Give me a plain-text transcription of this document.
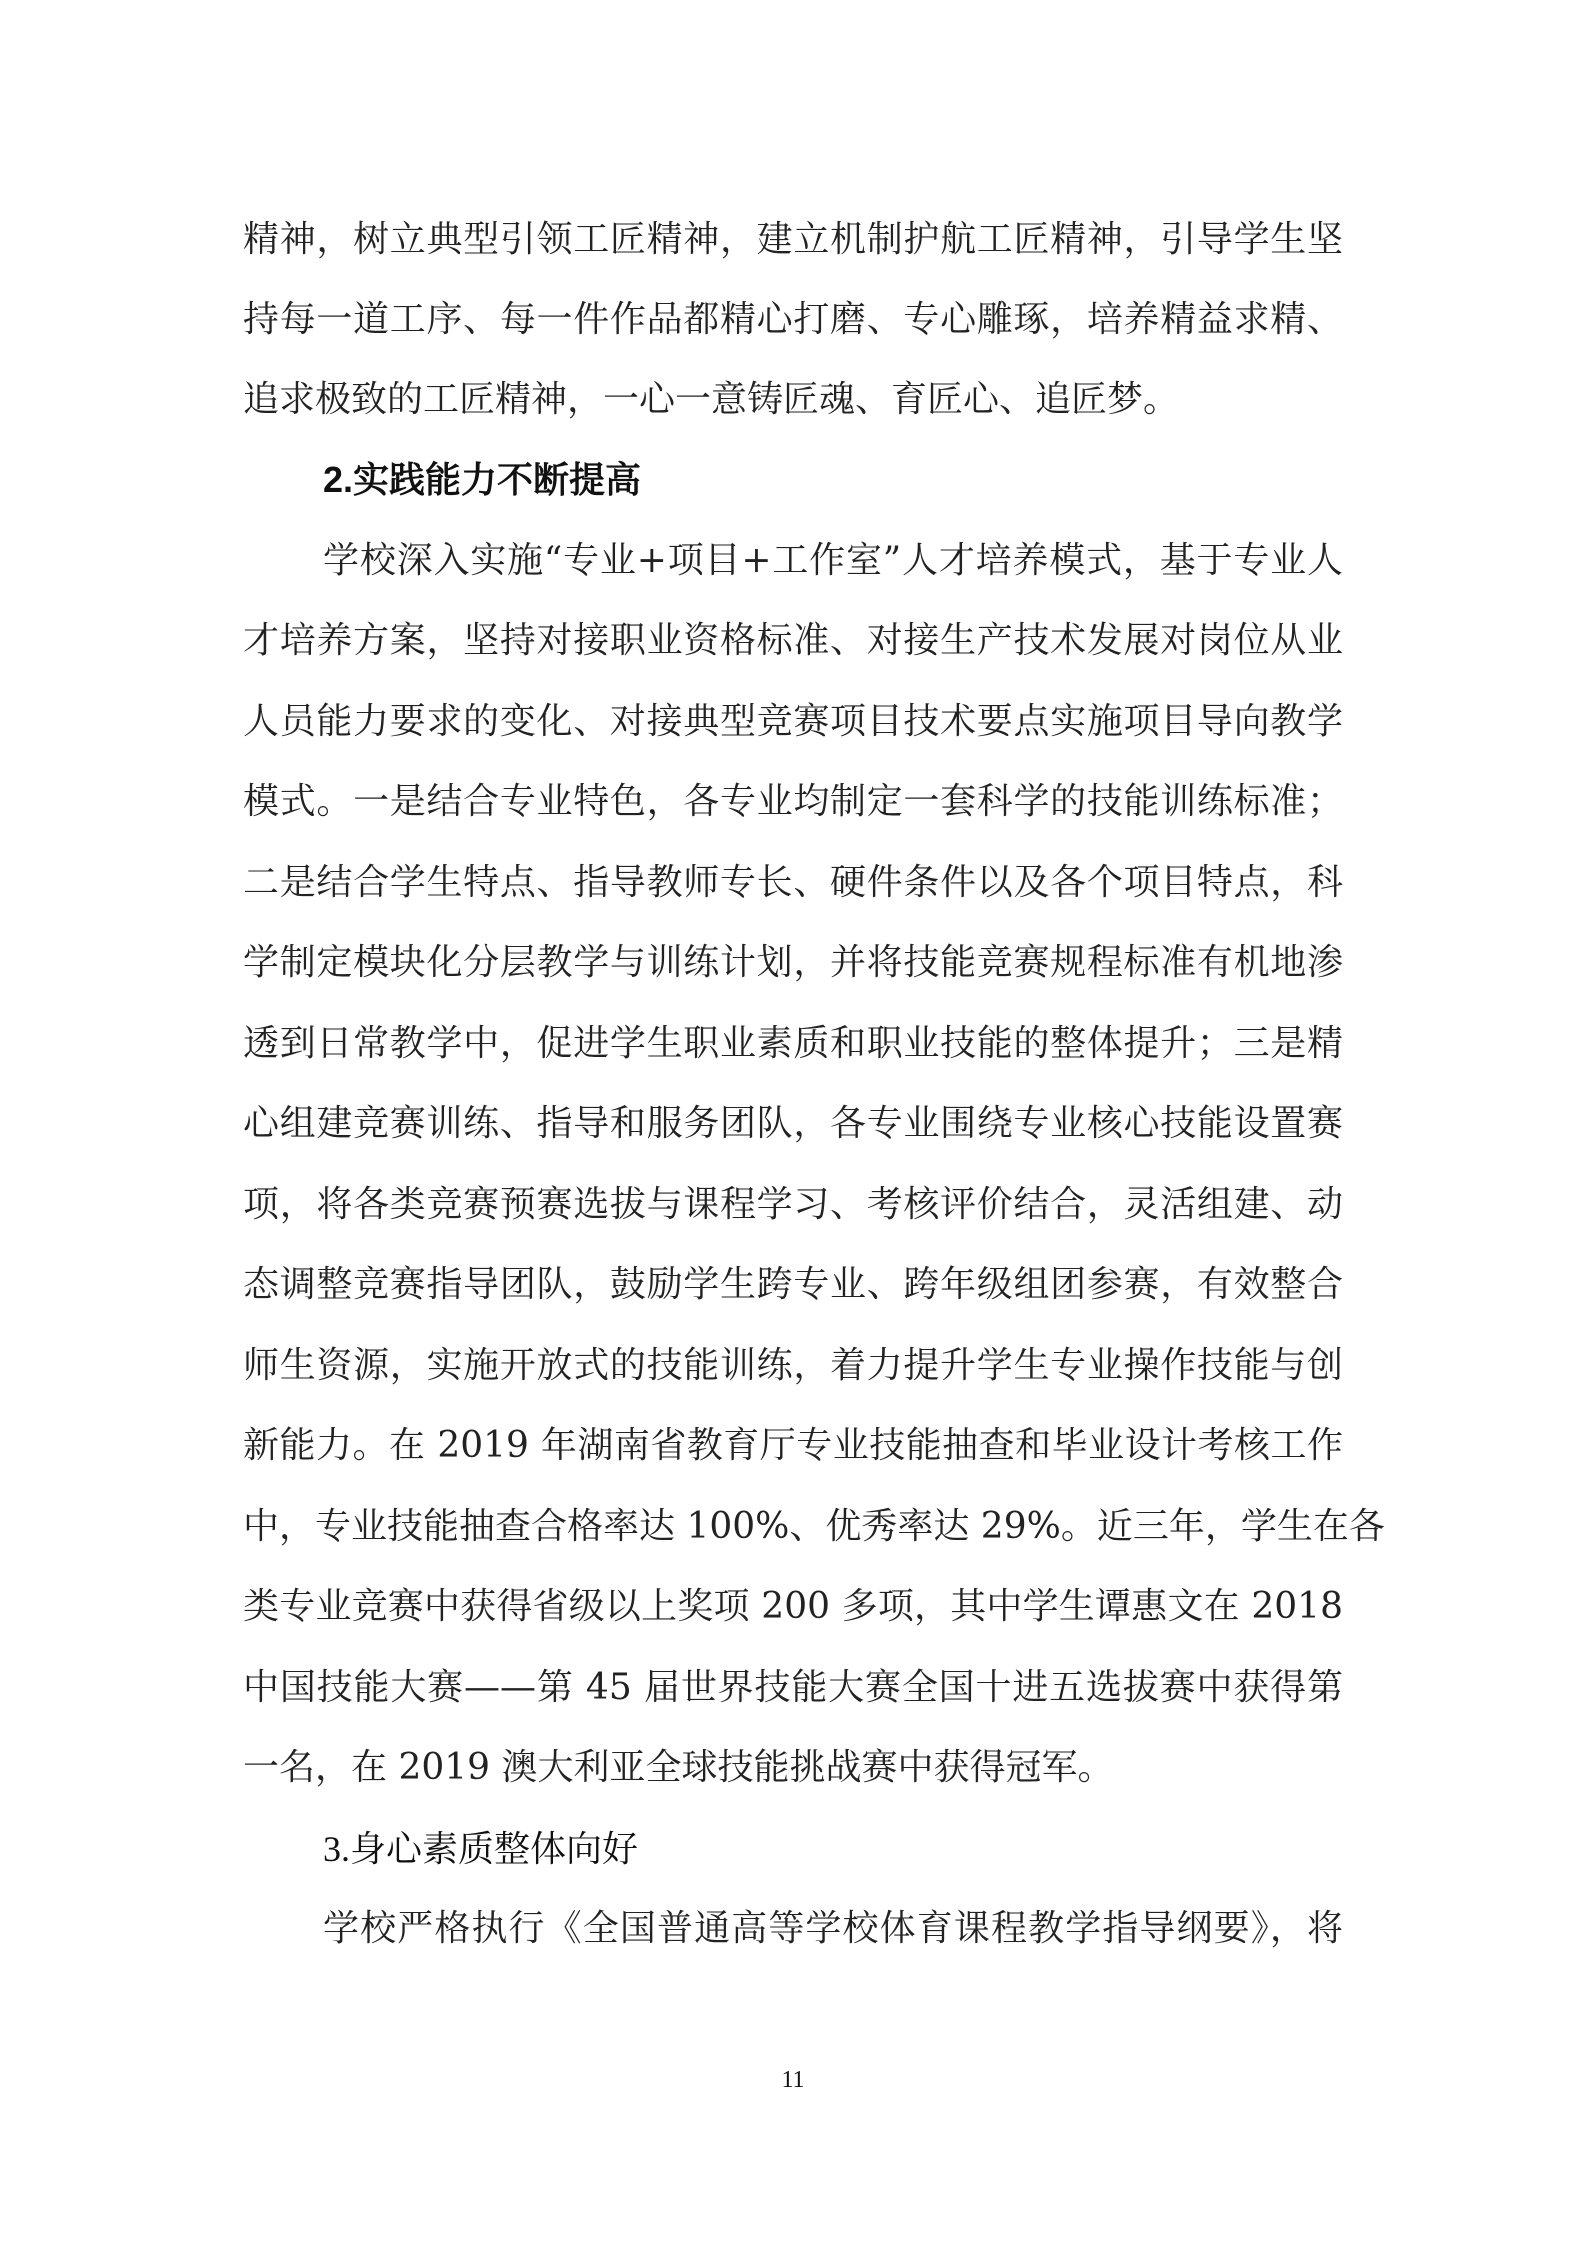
精神，树立典型引领工匠精神，建立机制护航工匠精神，引导学生坚
持每一道工序、每一件作品都精心打磨、专心雕琢，培养精益求精、
追求极致的工匠精神，一心一意铸匠魂、育匠心、追匠梦。
2.实践能力不断提高
学校深入实施“专业+项目+工作室”人才培养模式，基于专业人
才培养方案，坚持对接职业资格标准、对接生产技术发展对岗位从业
人员能力要求的变化、对接典型竞赛项目技术要点实施项目导向教学
模式。一是结合专业特色，各专业均制定一套科学的技能训练标准；
二是结合学生特点、指导教师专长、硬件条件以及各个项目特点，科
学制定模块化分层教学与训练计划，并将技能竞赛规程标准有机地渗
透到日常教学中，促进学生职业素质和职业技能的整体提升；三是精
心组建竞赛训练、指导和服务团队，各专业围绕专业核心技能设置赛
项，将各类竞赛预赛选拔与课程学习、考核评价结合，灵活组建、动
态调整竞赛指导团队，鼓励学生跨专业、跨年级组团参赛，有效整合
师生资源，实施开放式的技能训练，着力提升学生专业操作技能与创
新能力。在 2019 年湖南省教育厅专业技能抽查和毕业设计考核工作
中，专业技能抽查合格率达 100%、优秀率达 29%。近三年，学生在各
类专业竞赛中获得省级以上奖项 200 多项，其中学生谭惠文在 2018
中国技能大赛——第 45 届世界技能大赛全国十进五选拔赛中获得第
一名，在 2019 澳大利亚全球技能挑战赛中获得冠军。
3.身心素质整体向好
学校严格执行《全国普通高等学校体育课程教学指导纲要》，将
11
